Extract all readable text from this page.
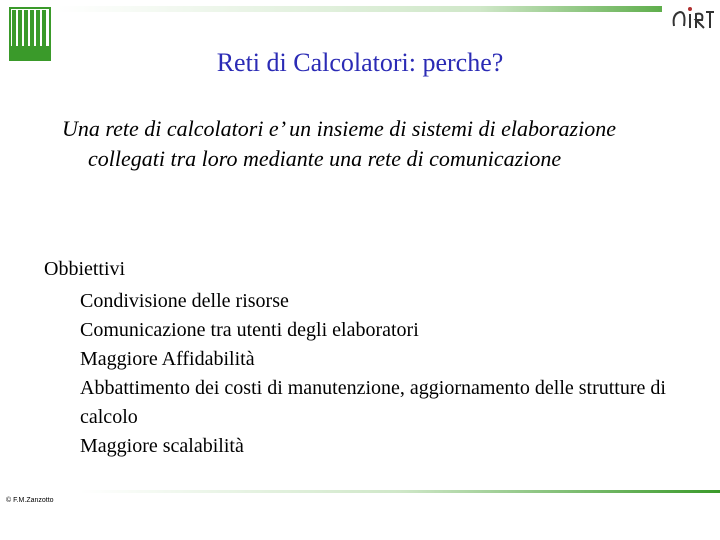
Reti di Calcolatori: perche?
Una rete di calcolatori e’ un insieme di sistemi di elaborazione collegati tra loro mediante una rete di comunicazione
Obbiettivi
Condivisione delle risorse
Comunicazione tra utenti degli elaboratori
Maggiore Affidabilità
Abbattimento dei costi di manutenzione, aggiornamento delle strutture di calcolo
Maggiore scalabilità
© F.M.Zanzotto
